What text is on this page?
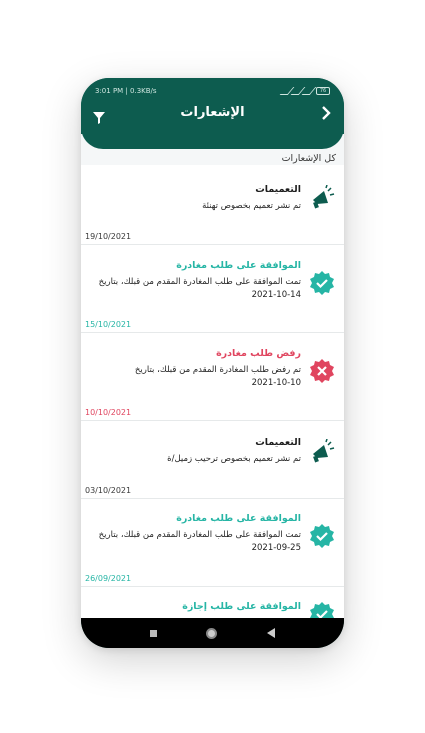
3:01 PM | 0.3KB/s	76
الإشعارات
كل الإشعارات
التعميمات
تم نشر تعميم بخصوص تهنئة
19/10/2021
الموافقة على طلب مغادرة
تمت الموافقة على طلب المغادرة المقدم من قبلك، بتاريخ
2021-10-14
15/10/2021
رفض طلب مغادرة
تم رفض طلب المغادرة المقدم من قبلك، بتاريخ
2021-10-10
10/10/2021
التعميمات
تم نشر تعميم بخصوص ترحيب زميل/ة
03/10/2021
الموافقة على طلب مغادرة
تمت الموافقة على طلب المغادرة المقدم من قبلك، بتاريخ
2021-09-25
26/09/2021
الموافقة على طلب إجازة
